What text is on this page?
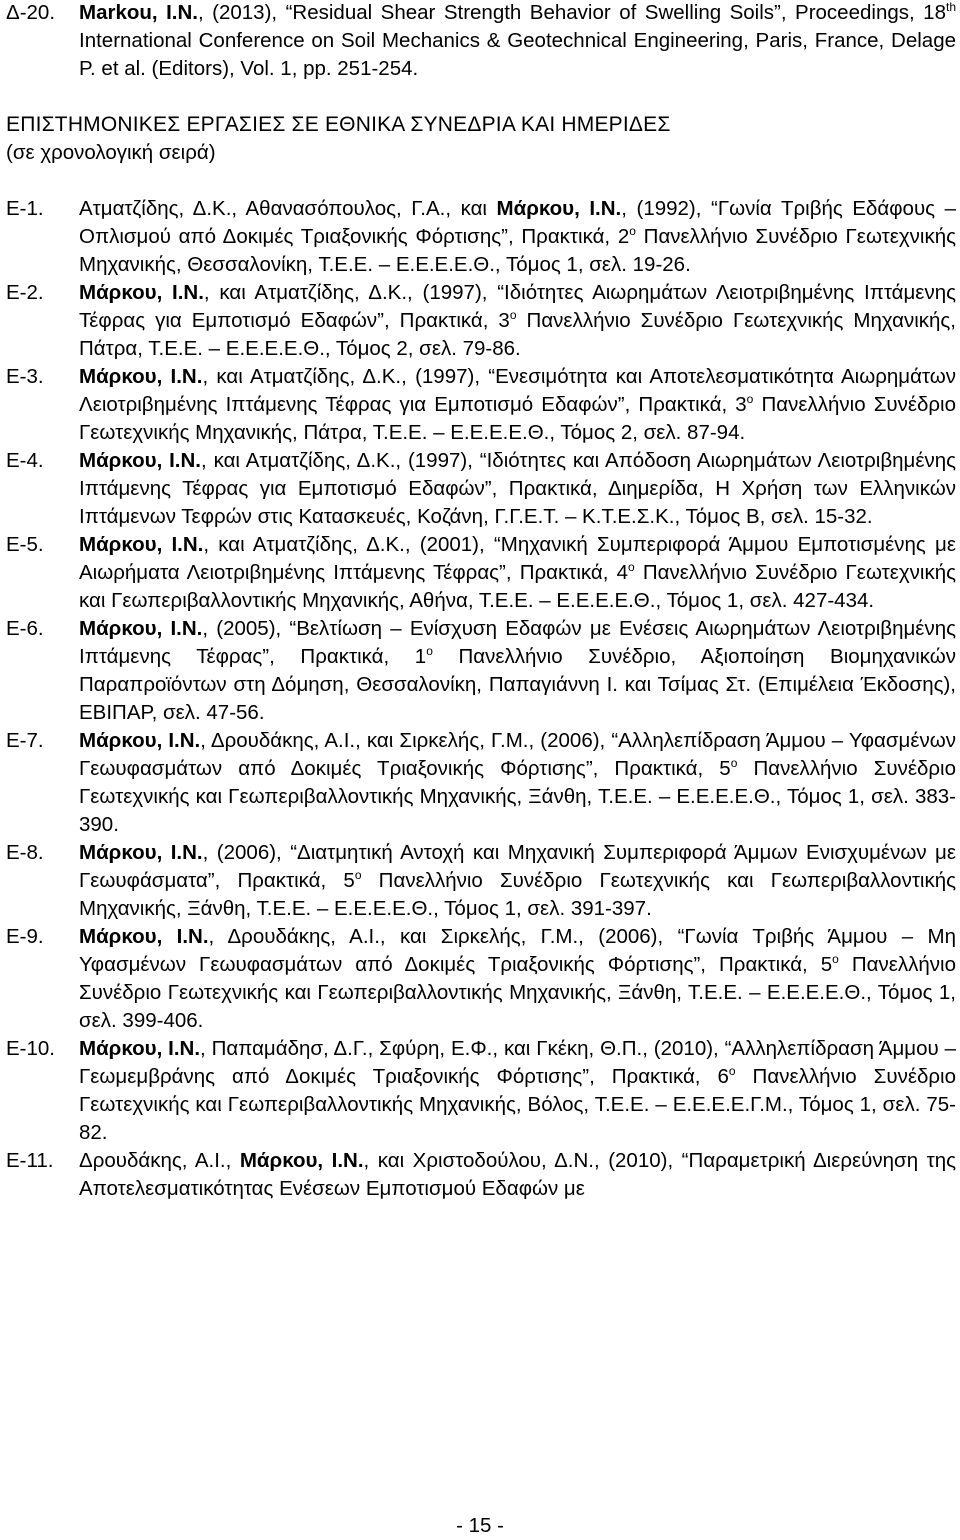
Δ-20. Markou, I.N., (2013), “Residual Shear Strength Behavior of Swelling Soils”, Proceedings, 18th International Conference on Soil Mechanics & Geotechnical Engineering, Paris, France, Delage P. et al. (Editors), Vol. 1, pp. 251-254.
ΕΠΙΣΤΗΜΟΝΙΚΕΣ ΕΡΓΑΣΙΕΣ ΣΕ ΕΘΝΙΚΑ ΣΥΝΕΔΡΙΑ ΚΑΙ ΗΜΕΡΙΔΕΣ
(σε χρονολογική σειρά)
Ε-1. Ατματζίδης, Δ.Κ., Αθανασόπουλος, Γ.Α., και Μάρκου, Ι.Ν., (1992), “Γωνία Τριβής Εδάφους – Οπλισμού από Δοκιμές Τριαξονικής Φόρτισης”, Πρακτικά, $2^o$ Πανελλήνιο Συνέδριο Γεωτεχνικής Μηχανικής, Θεσσαλονίκη, Τ.Ε.Ε. – Ε.Ε.Ε.Ε.Θ., Τόμος 1, σελ. 19-26.
Ε-2. Μάρκου, Ι.Ν., και Ατματζίδης, Δ.Κ., (1997), “Ιδιότητες Αιωρημάτων Λειοτριβημένης Ιπτάμενης Τέφρας για Εμποτισμό Εδαφών”, Πρακτικά, $3^o$ Πανελλήνιο Συνέδριο Γεωτεχνικής Μηχανικής, Πάτρα, Τ.Ε.Ε. – Ε.Ε.Ε.Ε.Θ., Τόμος 2, σελ. 79-86.
Ε-3. Μάρκου, Ι.Ν., και Ατματζίδης, Δ.Κ., (1997), “Ενεσιμότητα και Αποτελεσματικότητα Αιωρημάτων Λειοτριβημένης Ιπτάμενης Τέφρας για Εμποτισμό Εδαφών”, Πρακτικά, $3^o$ Πανελλήνιο Συνέδριο Γεωτεχνικής Μηχανικής, Πάτρα, Τ.Ε.Ε. – Ε.Ε.Ε.Ε.Θ., Τόμος 2, σελ. 87-94.
Ε-4. Μάρκου, Ι.Ν., και Ατματζίδης, Δ.Κ., (1997), “Ιδιότητες και Απόδοση Αιωρημάτων Λειοτριβημένης Ιπτάμενης Τέφρας για Εμποτισμό Εδαφών”, Πρακτικά, Διημερίδα, Η Χρήση των Ελληνικών Ιπτάμενων Τεφρών στις Κατασκευές, Κοζάνη, Γ.Γ.Ε.Τ. – Κ.Τ.Ε.Σ.Κ., Τόμος Β, σελ. 15-32.
Ε-5. Μάρκου, Ι.Ν., και Ατματζίδης, Δ.Κ., (2001), “Μηχανική Συμπεριφορά Άμμου Εμποτισμένης με Αιωρήματα Λειοτριβημένης Ιπτάμενης Τέφρας”, Πρακτικά, $4^o$ Πανελλήνιο Συνέδριο Γεωτεχνικής και Γεωπεριβαλλοντικής Μηχανικής, Αθήνα, Τ.Ε.Ε. – Ε.Ε.Ε.Ε.Θ., Τόμος 1, σελ. 427-434.
Ε-6. Μάρκου, Ι.Ν., (2005), “Βελτίωση – Ενίσχυση Εδαφών με Ενέσεις Αιωρημάτων Λειοτριβημένης Ιπτάμενης Τέφρας”, Πρακτικά, $1^o$ Πανελλήνιο Συνέδριο, Αξιοποίηση Βιομηχανικών Παραπροϊόντων στη Δόμηση, Θεσσαλονίκη, Παπαγιάννη Ι. και Τσίμας Στ. (Επιμέλεια Έκδοσης), ΕΒΙΠΑΡ, σελ. 47-56.
Ε-7. Μάρκου, Ι.Ν., Δρουδάκης, Α.Ι., και Σιρκελής, Γ.Μ., (2006), “Αλληλεπίδραση Άμμου – Υφασμένων Γεωυφασμάτων από Δοκιμές Τριαξονικής Φόρτισης”, Πρακτικά, $5^o$ Πανελλήνιο Συνέδριο Γεωτεχνικής και Γεωπεριβαλλοντικής Μηχανικής, Ξάνθη, Τ.Ε.Ε. – Ε.Ε.Ε.Ε.Θ., Τόμος 1, σελ. 383-390.
Ε-8. Μάρκου, Ι.Ν., (2006), “Διατμητική Αντοχή και Μηχανική Συμπεριφορά Άμμων Ενισχυμένων με Γεωυφάσματα”, Πρακτικά, $5^o$ Πανελλήνιο Συνέδριο Γεωτεχνικής και Γεωπεριβαλλοντικής Μηχανικής, Ξάνθη, Τ.Ε.Ε. – Ε.Ε.Ε.Ε.Θ., Τόμος 1, σελ. 391-397.
Ε-9. Μάρκου, Ι.Ν., Δρουδάκης, Α.Ι., και Σιρκελής, Γ.Μ., (2006), “Γωνία Τριβής Άμμου – Μη Υφασμένων Γεωυφασμάτων από Δοκιμές Τριαξονικής Φόρτισης”, Πρακτικά, $5^o$ Πανελλήνιο Συνέδριο Γεωτεχνικής και Γεωπεριβαλλοντικής Μηχανικής, Ξάνθη, Τ.Ε.Ε. – Ε.Ε.Ε.Ε.Θ., Τόμος 1, σελ. 399-406.
Ε-10. Μάρκου, Ι.Ν., Παπαμάδησ, Δ.Γ., Σφύρη, Ε.Φ., και Γκέκη, Θ.Π., (2010), “Αλληλεπίδραση Άμμου – Γεωμεμβράνης από Δοκιμές Τριαξονικής Φόρτισης”, Πρακτικά, $6^o$ Πανελλήνιο Συνέδριο Γεωτεχνικής και Γεωπεριβαλλοντικής Μηχανικής, Βόλος, Τ.Ε.Ε. – Ε.Ε.Ε.Ε.Γ.Μ., Τόμος 1, σελ. 75-82.
Ε-11. Δρουδάκης, Α.Ι., Μάρκου, Ι.Ν., και Χριστοδούλου, Δ.Ν., (2010), “Παραμετρική Διερεύνηση της Αποτελεσματικότητας Ενέσεων Εμποτισμού Εδαφών με
- 15 -
